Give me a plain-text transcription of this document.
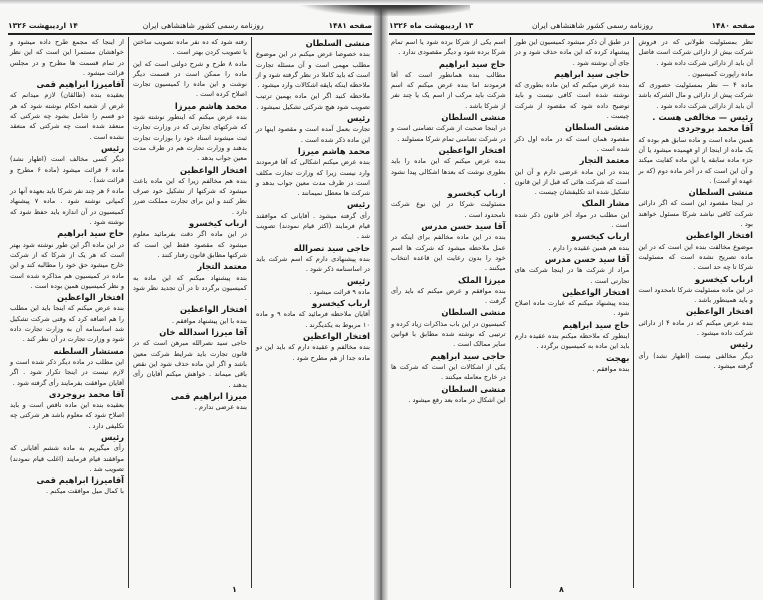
صفحه ۱۴۸۱
روزنامه رسمی کشور شاهنشاهی ایران
۱۴ اردیبهشت ۱۳۲۶

منشی السلطان

بنده خصوصا عرض میکنم در این موضوع مطلب مهمی است و آن مسئله تجارت است که باید کاملا در نظر گرفته شود و از ملاحظه اینکه بایقه اشکالات وارد میشود .

ملاحظه کنید اگر این ماده بهمین ترتیب تصویب شود هیچ شرکتی تشکیل نمیشود .

رئیس

تجارت بعمل آمده است و مقصود اینها در این ماده ذکر شده است .

محمد هاشم میرزا

بنده عرض میکنم اشکالی که آقا فرمودند وارد نیست زیرا که وزارت تجارت مکلف است در ظرف مدت معین جواب بدهد و شرکت ها معطل نمیمانند .

رئیس

رأی گرفته میشود . آقایانی که موافقند قیام فرمایند (اکثر قیام نمودند) تصویب شد .

حاجی سید نصرالله

بنده پیشنهادی دارم که اسم شرکت باید در اساسنامه ذکر شود .

رئیس

ماده ۹ قرائت میشود .

ارباب کیخسرو

آقایان ملاحظه فرمائید که ماده ۹ و ماده ۱۰ مربوط به یکدیگرند .

افتخار الواعظین

بنده مخالفم و عقیده دارم که باید این دو ماده جدا از هم مطرح شود .

رفته شود که ده نفر ماده تصویب ساختن یا تصویب کردن بهتر است .

ماده ۸ طرح و شرح دولتی است که این ماده را ممکن است در قسمت دیگر نوشت و این ماده را کمیسیون تجارت اصلاح کرده است .

محمد هاشم میرزا

بنده عرض میکنم که اینطور نوشته شود که شرکتهای تجارتی که در وزارت تجارت ثبت میشوند اسناد خود را بوزارت تجارت بدهند و وزارت تجارت هم در ظرف مدت معین جواب بدهد .

افتخار الواعظین

بنده هم مخالفم زیرا که این ماده باعث میشود که شرکتها از تشکیل خود صرف نظر کنند و این برای تجارت مملکت ضرر دارد .

ارباب کیخسرو

در این ماده اگر دقت بفرمائید معلوم میشود که مقصود فقط این است که شرکتها مطابق قانون رفتار کنند .

معتمد التجار

بنده پیشنهاد میکنم که این ماده به کمیسیون برگردد تا در آن تجدید نظر شود .

افتخار الواعظین

بنده با این پیشنهاد موافقم .

آقا میرزا اسدالله خان

حاجی سید نصرالله مبرهن است که در قانون تجارت باید شرایط شرکت معین باشد و اگر این ماده حذف شود این نقص باقی میماند . خواهش میکنم آقایان رأی بدهند .

میرزا ابراهیم قمی

بنده عرضی ندارم .

از اینجا که مجمع طرح داده میشود و خواهشان مستمرا این است که این نظر در تمام قسمت ها مطرح و در مجلس قرائت میشود .

آقامیرزا ابراهیم قمی

بعقیده بنده (طالقان) لازم میدانم که غرض از شعبه احکام نوشته شود که هر دو قسم را شامل بشود چه شرکتی که منعقد شده است چه شرکتی که منعقد نشده است .

رئیس

دیگر کسی مخالف است (اظهار نشد) ماده ۶ قرائت میشود (ماده ۶ مطرح و قرائت شد) .

ماده ۶ هر چند نفر شرکا باید بعهده آنها در کمپانی نوشته شود . ماده ۷ پیشنهاد کمیسیون در آن اندازه باید حفظ شود که نوشته شود .

حاج سید ابراهیم

در این ماده اگر این طور نوشته شود بهتر است که هر یک از شرکا که از شرکت خارج میشود حق خود را مطالبه کند و این ماده در کمیسیون هم مذاکره شده است و نظر کمیسیون همین بوده است .

افتخار الواعظین

بنده عرض میکنم که اینجا باید این مطلب را هم اضافه کرد که وقتی شرکت تشکیل شد اساسنامه آن به وزارت تجارت داده شود و وزارت تجارت در آن نظر کند .

مستشار السلطنه

این مطلب در ماده دیگر ذکر شده است و لازم نیست در اینجا تکرار شود . اگر آقایان موافقت بفرمایند رأی گرفته شود .

آقا محمد بروجردی

بعقیده بنده این ماده ناقص است و باید اصلاح شود که معلوم باشد هر شرکتی چه تکلیفی دارد .

رئیس

رأی میگیریم به ماده ششم آقایانی که موافقند قیام فرمایند (اغلب قیام نمودند) تصویب شد .

آقامیرزا ابراهیم قمی

با کمال میل موافقت میکنم .

۱
صفحه ۱۴۸۰
روزنامه رسمی کشور شاهنشاهی ایران
۱۳ اردیبهشت ماه ۱۳۲۶

نظر بمسئولیت طولانی که در فروش شرکت بیش از دارائی شرکت است فاضل آن باید از دارائی شرکت داده شود .

ماده راپورت کمیسیون .

ماده ۴ — نظر بمسئولیت حصوری که شرکت پیش از دارائی و مال الشرکه باشد آن باید از دارائی شرکت داده شود .

رئیس — مخالفی هست .

آقا محمد بروجردی

همین ماده است و ماده سابق هم بوده که یک ماده از اینجا از او فهمیده میشود یا آن جزء ماده سابقه یا این ماده کفایت میکند و آن این است که در آخر ماده دوم (که بر عهده او است) .

منشی السلطان

در اینجا مقصود این است که اگر دارائی شرکت کافی نباشد شرکا مسئول خواهند بود .

افتخار الواعظین

موضوع مخالفت بنده این است که در این ماده تصریح نشده است که مسئولیت شرکا تا چه حد است .

ارباب کیخسرو

در این ماده مسئولیت شرکا نامحدود است و باید همینطور باشد .

افتخار الواعظین

بنده عرض میکنم که در ماده ۴ از دارائی شرکت داده میشود .

رئیس

دیگر مخالفی نیست (اظهار نشد) رأی گرفته میشود .

در طبق آن ذکر میشود کمیسیون این طور پیشنهاد کرده که این ماده حذف شود و در جای آن نوشته شود .

حاجی سید ابراهیم

بنده عرض میکنم که این ماده بطوری که نوشته شده است کافی نیست و باید توضیح داده شود که مقصود از شرکت چیست .

منشی السلطان

مقصود همان است که در ماده اول ذکر شده است .

معتمد التجار

بنده در این ماده عرضی دارم و آن این است که شرکت هائی که قبل از این قانون تشکیل شده اند تکلیفشان چیست .

مشار الملک

این مطلب در مواد آخر قانون ذکر شده است .

ارباب کیخسرو

بنده هم همین عقیده را دارم .

آقا سید حسن مدرس

مراد از شرکت ها در اینجا شرکت های تجارتی است .

افتخار الواعظین

بنده پیشنهاد میکنم که عبارت ماده اصلاح شود .

حاج سید ابراهیم

اینطور که ملاحظه میکنم بنده عقیده دارم باید این ماده به کمیسیون برگردد .

بهجت

بنده موافقم .

اسم یکی از شرکا برده شود یا اسم تمام شرکا برده شود و دیگر مقصودی ندارد .

حاج سید ابراهیم

مطالب بنده همانطور است که آقا فرمودند اما بنده عرض میکنم که اسم شرکت باید مرکب از اسم یک یا چند نفر از شرکا باشد .

منشی السلطان

در اینجا صحبت از شرکت تضامنی است و در شرکت تضامنی تمام شرکا مسئولند .

افتخار الواعظین

بنده عرض میکنم که این ماده را باید بطوری نوشت که بعدها اشکالی پیدا نشود .

ارباب کیخسرو

مسئولیت شرکا در این نوع شرکت نامحدود است .

آقا سید حسن مدرس

بنده در این ماده مخالفم برای اینکه در عمل ملاحظه میشود که شرکت ها اسم خود را بدون رعایت این قاعده انتخاب میکنند .

میرزا الملک

بنده موافقم و عرض میکنم که باید رأی گرفت .

منشی السلطان

کمیسیون در این باب مذاکرات زیاد کرده و ترتیبی که نوشته شده مطابق با قوانین سایر ممالک است .

حاجی سید ابراهیم

یکی از اشکالات این است که شرکت ها در خارج معامله میکنند .

منشی السلطان

این اشکال در ماده بعد رفع میشود .

۸
